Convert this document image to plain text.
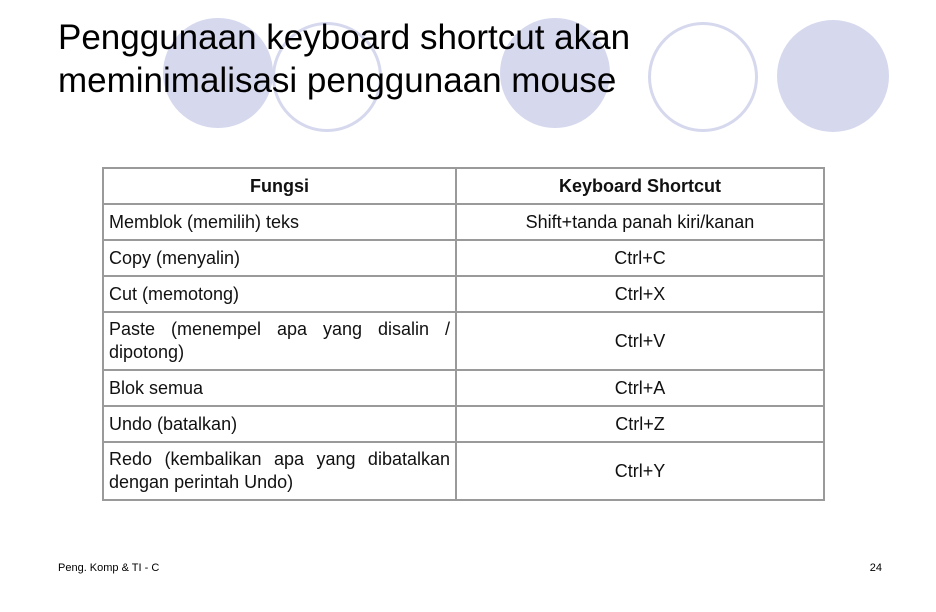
Penggunaan keyboard shortcut akan meminimalisasi penggunaan mouse
Fungsi	Keyboard Shortcut
Memblok (memilih) teks	Shift+tanda panah kiri/kanan
Copy (menyalin)	Ctrl+C
Cut (memotong)	Ctrl+X
Paste (menempel apa yang disalin / dipotong)	Ctrl+V
Blok semua	Ctrl+A
Undo (batalkan)	Ctrl+Z
Redo (kembalikan apa yang dibatalkan dengan perintah Undo)	Ctrl+Y
Peng. Komp & TI - C	24
